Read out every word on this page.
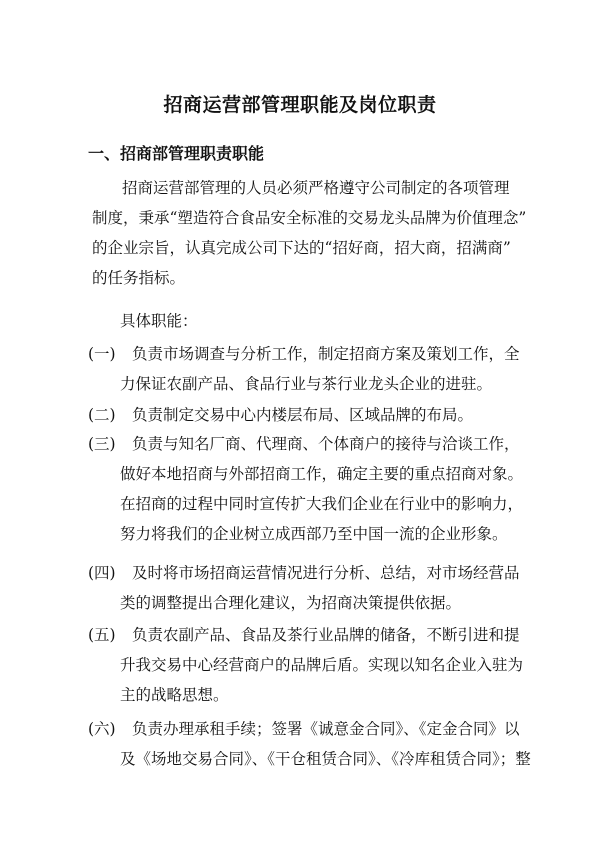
招商运营部管理职能及岗位职责
一、招商部管理职责职能
招商运营部管理的人员必须严格遵守公司制定的各项管理
制度，秉承“塑造符合食品安全标准的交易龙头品牌为价值理念”
的企业宗旨，认真完成公司下达的“招好商，招大商，招满商”
的任务指标。
具体职能：
(一) 负责市场调查与分析工作，制定招商方案及策划工作，全
力保证农副产品、食品行业与茶行业龙头企业的进驻。
(二) 负责制定交易中心内楼层布局、区域品牌的布局。
(三) 负责与知名厂商、代理商、个体商户的接待与洽谈工作，
做好本地招商与外部招商工作，确定主要的重点招商对象。
在招商的过程中同时宣传扩大我们企业在行业中的影响力，
努力将我们的企业树立成西部乃至中国一流的企业形象。
(四) 及时将市场招商运营情况进行分析、总结，对市场经营品
类的调整提出合理化建议，为招商决策提供依据。
(五) 负责农副产品、食品及茶行业品牌的储备，不断引进和提
升我交易中心经营商户的品牌后盾。实现以知名企业入驻为
主的战略思想。
(六) 负责办理承租手续；签署《诚意金合同》、《定金合同》以
及《场地交易合同》、《干仓租赁合同》、《冷库租赁合同》；整
